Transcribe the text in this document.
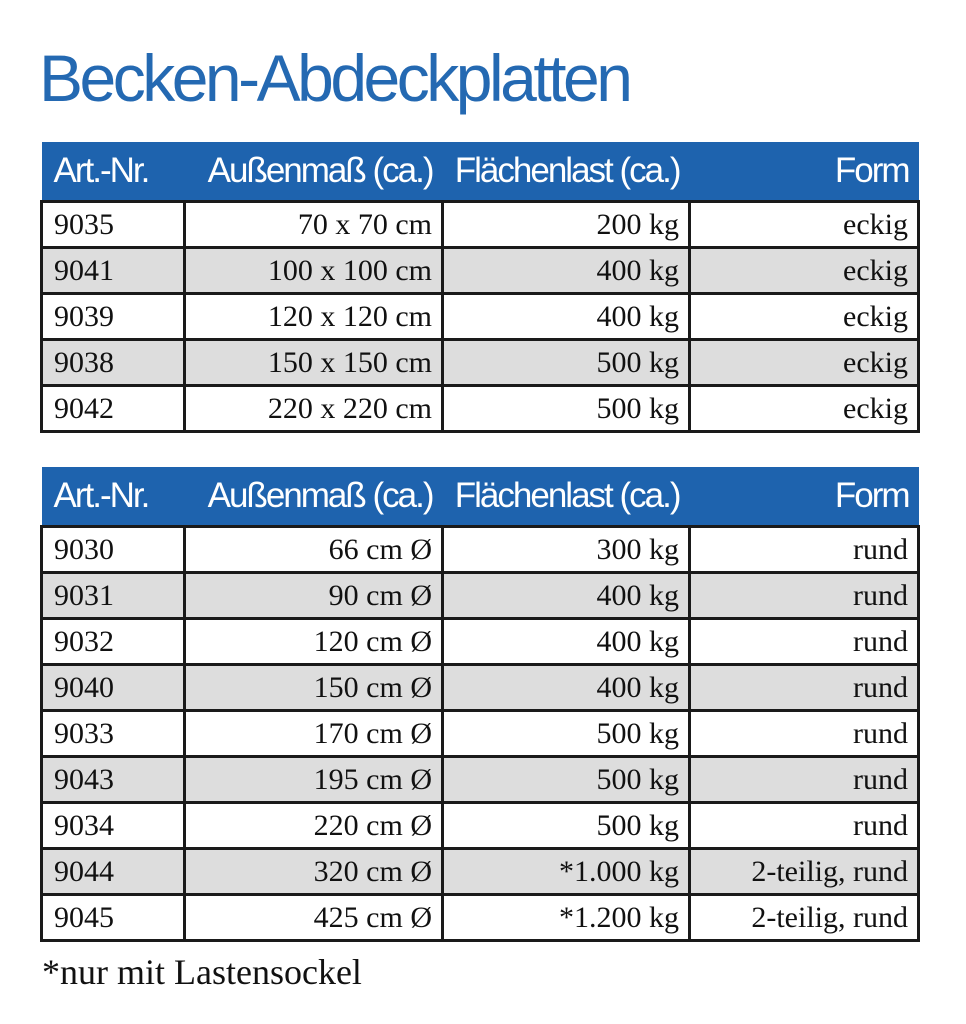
Becken-Abdeckplatten
Art.-Nr.	Außenmaß (ca.)	Flächenlast (ca.)	Form
9035	70 x 70 cm	200 kg	eckig
9041	100 x 100 cm	400 kg	eckig
9039	120 x 120 cm	400 kg	eckig
9038	150 x 150 cm	500 kg	eckig
9042	220 x 220 cm	500 kg	eckig
Art.-Nr.	Außenmaß (ca.)	Flächenlast (ca.)	Form
9030	66 cm Ø	300 kg	rund
9031	90 cm Ø	400 kg	rund
9032	120 cm Ø	400 kg	rund
9040	150 cm Ø	400 kg	rund
9033	170 cm Ø	500 kg	rund
9043	195 cm Ø	500 kg	rund
9034	220 cm Ø	500 kg	rund
9044	320 cm Ø	*1.000 kg	2-teilig, rund
9045	425 cm Ø	*1.200 kg	2-teilig, rund

*nur mit Lastensockel
